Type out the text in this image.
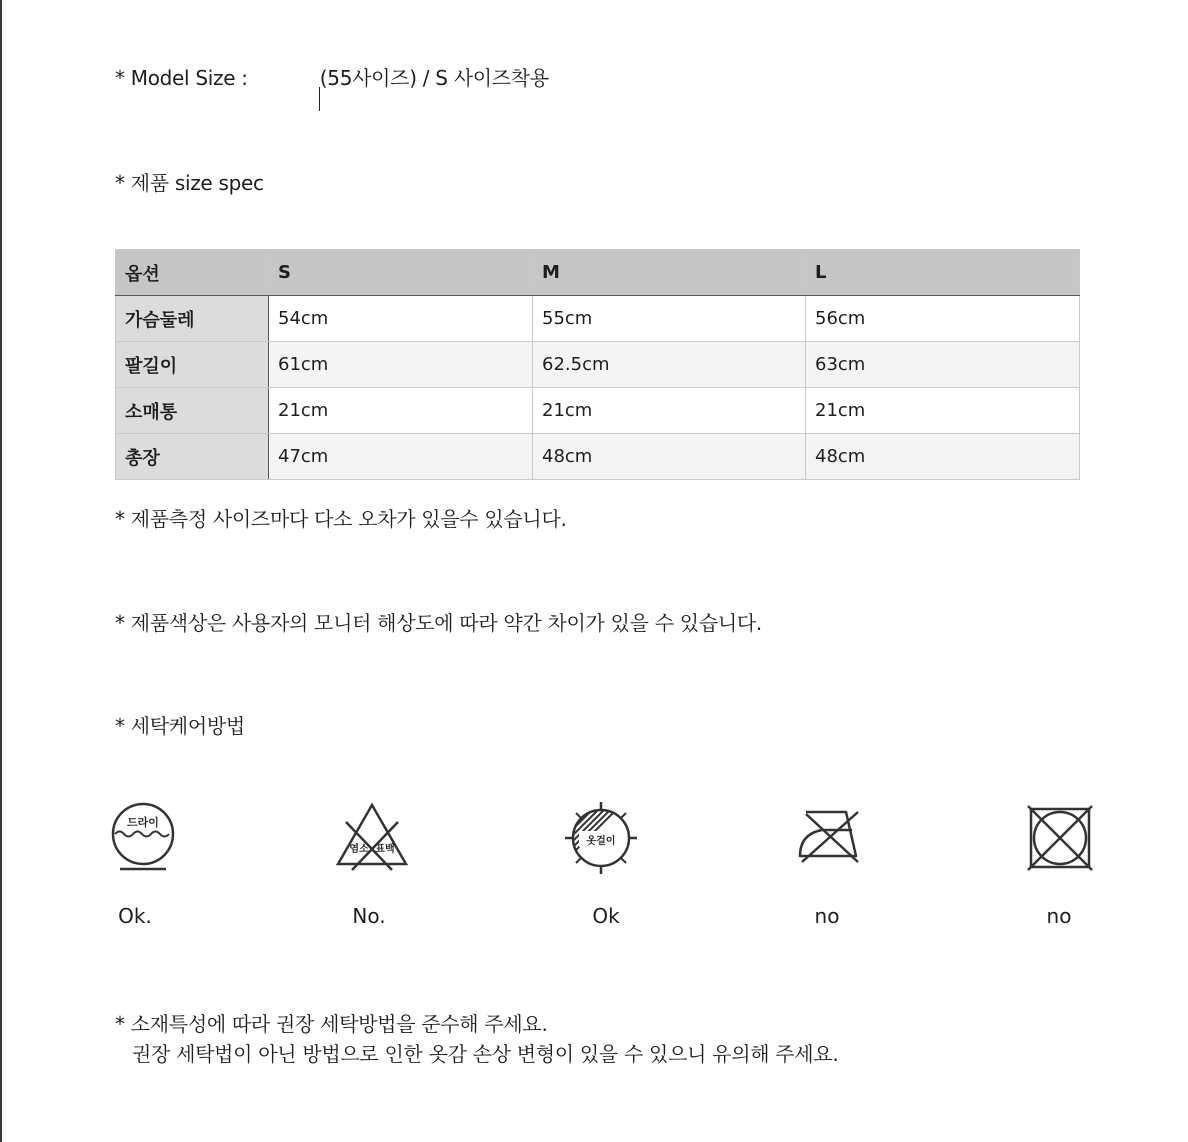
* Model Size :	(55사이즈) / S 사이즈착용
* 제품 size spec
옵션	S	M	L
가슴둘레	54cm	55cm	56cm
팔길이	61cm	62.5cm	63cm
소매통	21cm	21cm	21cm
총장	47cm	48cm	48cm
* 제품측정 사이즈마다 다소 오차가 있을수 있습니다.
* 제품색상은 사용자의 모니터 해상도에 따라 약간 차이가 있을 수 있습니다.
* 세탁케어방법
드라이
염소 표백
옷걸이
Ok.	No.	Ok	no	no
* 소재특성에 따라 권장 세탁방법을 준수해 주세요.
권장 세탁법이 아닌 방법으로 인한 옷감 손상 변형이 있을 수 있으니 유의해 주세요.
